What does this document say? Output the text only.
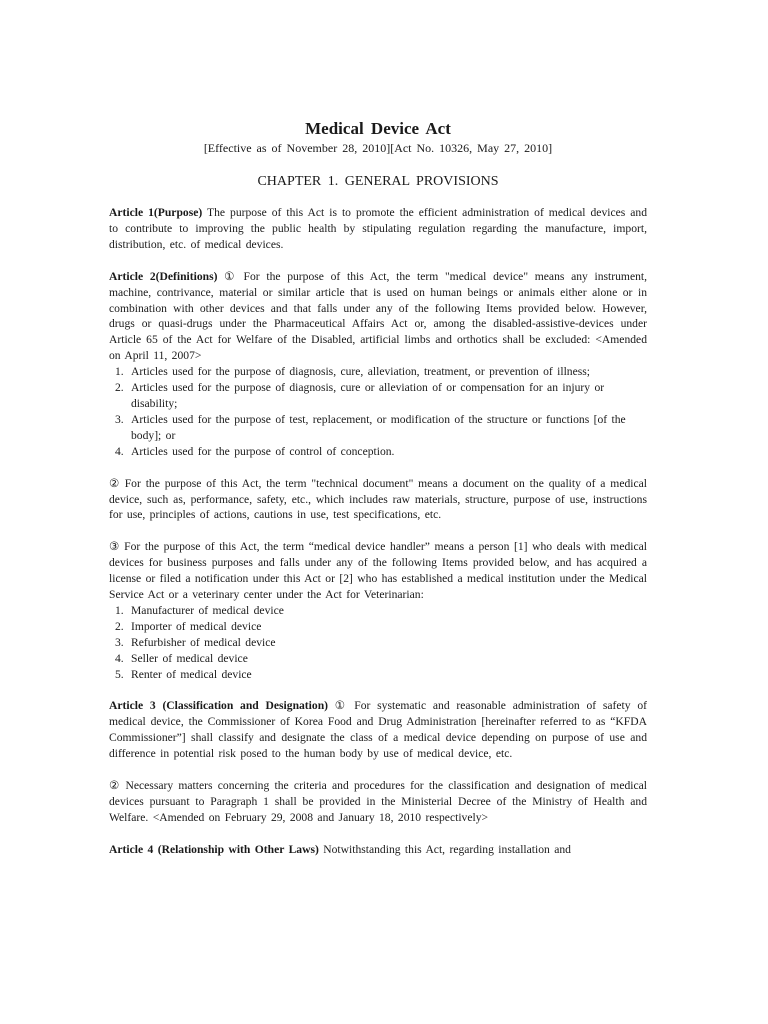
Medical Device Act
[Effective as of November 28, 2010][Act No. 10326, May 27, 2010]
CHAPTER 1. GENERAL PROVISIONS

Article 1(Purpose) The purpose of this Act is to promote the efficient administration of medical devices and to contribute to improving the public health by stipulating regulation regarding the manufacture, import, distribution, etc. of medical devices.

Article 2(Definitions) ① For the purpose of this Act, the term "medical device" means any instrument, machine, contrivance, material or similar article that is used on human beings or animals either alone or in combination with other devices and that falls under any of the following Items provided below. However, drugs or quasi-drugs under the Pharmaceutical Affairs Act or, among the disabled-assistive-devices under Article 65 of the Act for Welfare of the Disabled, artificial limbs and orthotics shall be excluded: <Amended on April 11, 2007>

1. Articles used for the purpose of diagnosis, cure, alleviation, treatment, or prevention of illness;
2. Articles used for the purpose of diagnosis, cure or alleviation of or compensation for an injury or disability;
3. Articles used for the purpose of test, replacement, or modification of the structure or functions [of the body]; or
4. Articles used for the purpose of control of conception.

② For the purpose of this Act, the term "technical document" means a document on the quality of a medical device, such as, performance, safety, etc., which includes raw materials, structure, purpose of use, instructions for use, principles of actions, cautions in use, test specifications, etc.

③ For the purpose of this Act, the term “medical device handler” means a person [1] who deals with medical devices for business purposes and falls under any of the following Items provided below, and has acquired a license or filed a notification under this Act or [2] who has established a medical institution under the Medical Service Act or a veterinary center under the Act for Veterinarian:

1. Manufacturer of medical device
2. Importer of medical device
3. Refurbisher of medical device
4. Seller of medical device
5. Renter of medical device

Article 3 (Classification and Designation) ① For systematic and reasonable administration of safety of medical device, the Commissioner of Korea Food and Drug Administration [hereinafter referred to as “KFDA Commissioner”] shall classify and designate the class of a medical device depending on purpose of use and difference in potential risk posed to the human body by use of medical device, etc.

② Necessary matters concerning the criteria and procedures for the classification and designation of medical devices pursuant to Paragraph 1 shall be provided in the Ministerial Decree of the Ministry of Health and Welfare. <Amended on February 29, 2008 and January 18, 2010 respectively>

Article 4 (Relationship with Other Laws) Notwithstanding this Act, regarding installation and
